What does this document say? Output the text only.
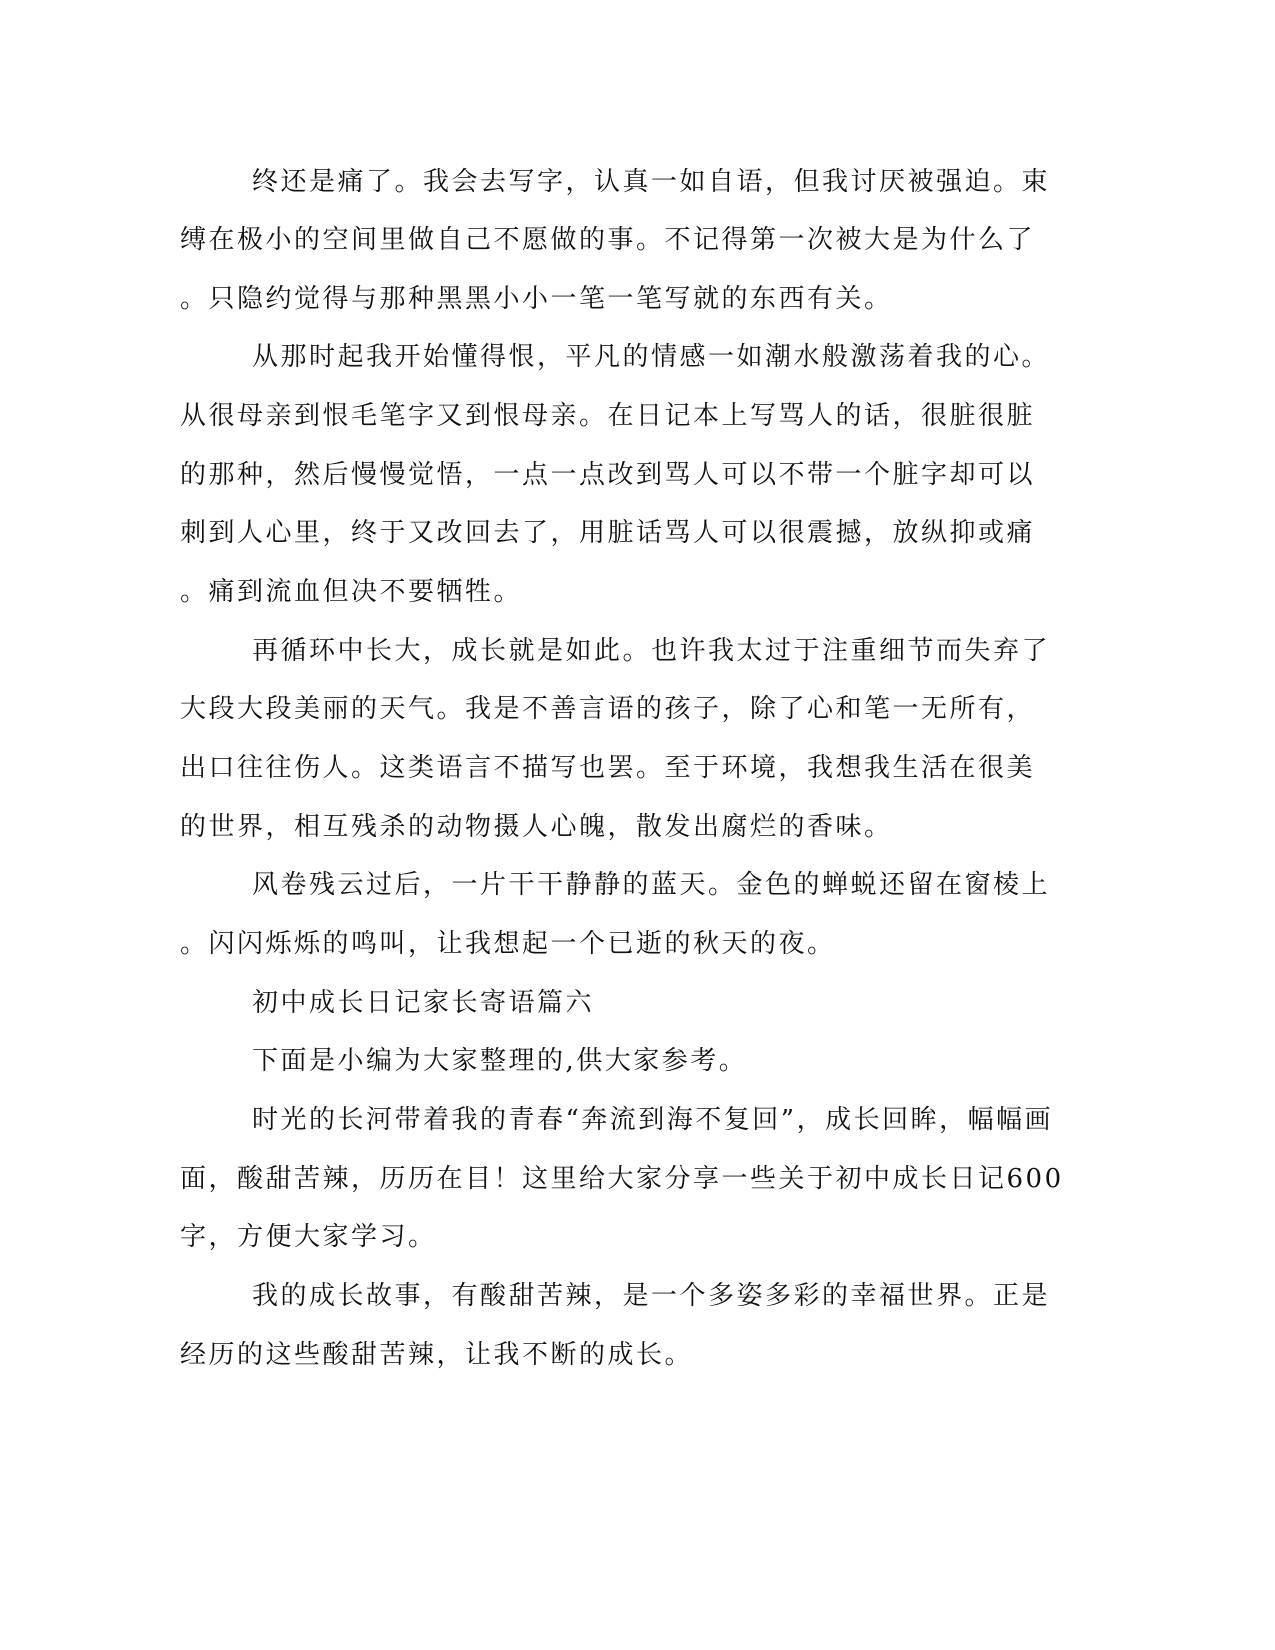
终还是痛了。我会去写字，认真一如自语，但我讨厌被强迫。束
缚在极小的空间里做自己不愿做的事。不记得第一次被大是为什么了
。只隐约觉得与那种黑黑小小一笔一笔写就的东西有关。
从那时起我开始懂得恨，平凡的情感一如潮水般激荡着我的心。
从很母亲到恨毛笔字又到恨母亲。在日记本上写骂人的话，很脏很脏
的那种，然后慢慢觉悟，一点一点改到骂人可以不带一个脏字却可以
刺到人心里，终于又改回去了，用脏话骂人可以很震撼，放纵抑或痛
。痛到流血但决不要牺牲。
再循环中长大，成长就是如此。也许我太过于注重细节而失弃了
大段大段美丽的天气。我是不善言语的孩子，除了心和笔一无所有，
出口往往伤人。这类语言不描写也罢。至于环境，我想我生活在很美
的世界，相互残杀的动物摄人心魄，散发出腐烂的香味。
风卷残云过后，一片干干静静的蓝天。金色的蝉蜕还留在窗棱上
。闪闪烁烁的鸣叫，让我想起一个已逝的秋天的夜。
初中成长日记家长寄语篇六
下面是小编为大家整理的,供大家参考。
时光的长河带着我的青春“奔流到海不复回”，成长回眸，幅幅画
面，酸甜苦辣，历历在目！这里给大家分享一些关于初中成长日记600
字，方便大家学习。
我的成长故事，有酸甜苦辣，是一个多姿多彩的幸福世界。正是
经历的这些酸甜苦辣，让我不断的成长。
